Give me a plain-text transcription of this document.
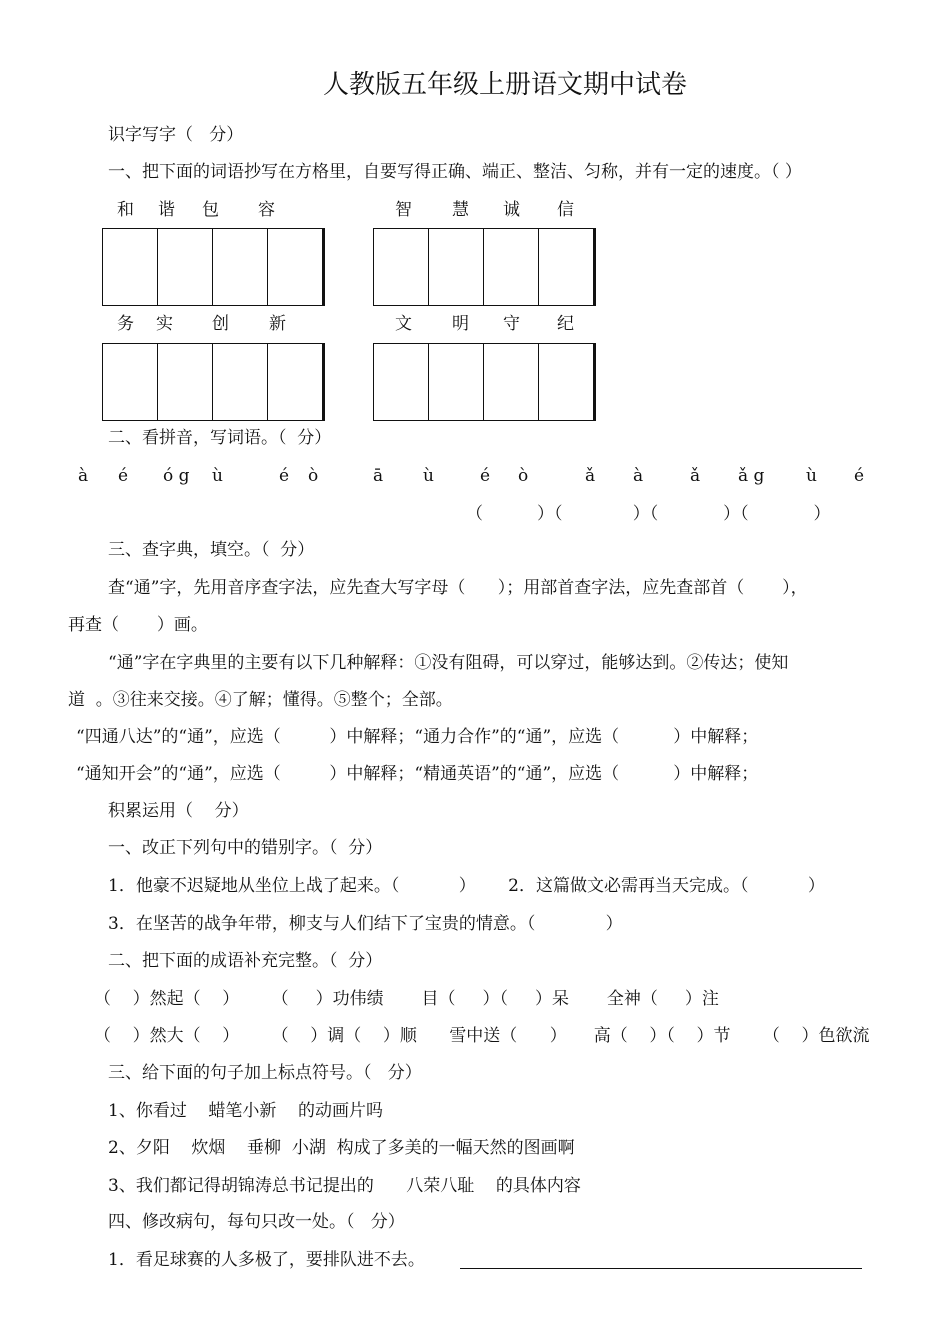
人教版五年级上册语文期中试卷
识字写字（   分）
一、把下面的词语抄写在方格里，自要写得正确、端正、整洁、匀称，并有一定的速度。（ ）
和 谐 包 容	智 慧 诚 信
务 实 创 新	文 明 守 纪
二、看拼音，写词语。（  分）
à é ó g ù	é ò	ā ù	é ò	ǎ à	ǎ ǎ g ù é
（          ）（             ）（            ）（            ）
三、查字典，填空。（  分）
查“通”字，先用音序查字法，应先查大写字母（      ）；用部首查字法，应先查部首（       ），
再查（       ）画。
“通”字在字典里的主要有以下几种解释：①没有阻碍，可以穿过，能够达到。②传达；使知
道  。③往来交接。④了解；懂得。⑤整个；全部。
“四通八达”的“通”，应选（         ）中解释；“通力合作”的“通”，应选（          ）中解释；
“通知开会”的“通”，应选（         ）中解释；“精通英语”的“通”，应选（          ）中解释；
积累运用（    分）
一、改正下列句中的错别字。（  分）
1．他豪不迟疑地从坐位上战了起来。（           ）      2．这篇做文必需再当天完成。（           ）
3．在坚苦的战争年带，柳支与人们结下了宝贵的情意。（             ）
二、把下面的成语补充完整。（  分）
（    ）然起（    ）      （     ）功伟绩       目（     ）（     ）呆       全神（     ）注
（    ）然大（    ）      （    ）调（    ）顺      雪中送（      ）     高（    ）（    ）节      （    ）色欲流
三、给下面的句子加上标点符号。（   分）
1、你看过    蜡笔小新    的动画片吗
2、夕阳    炊烟    垂柳  小湖  构成了多美的一幅天然的图画啊
3、我们都记得胡锦涛总书记提出的      八荣八耻    的具体内容
四、修改病句，每句只改一处。（   分）
1．看足球赛的人多极了，要排队进不去。
